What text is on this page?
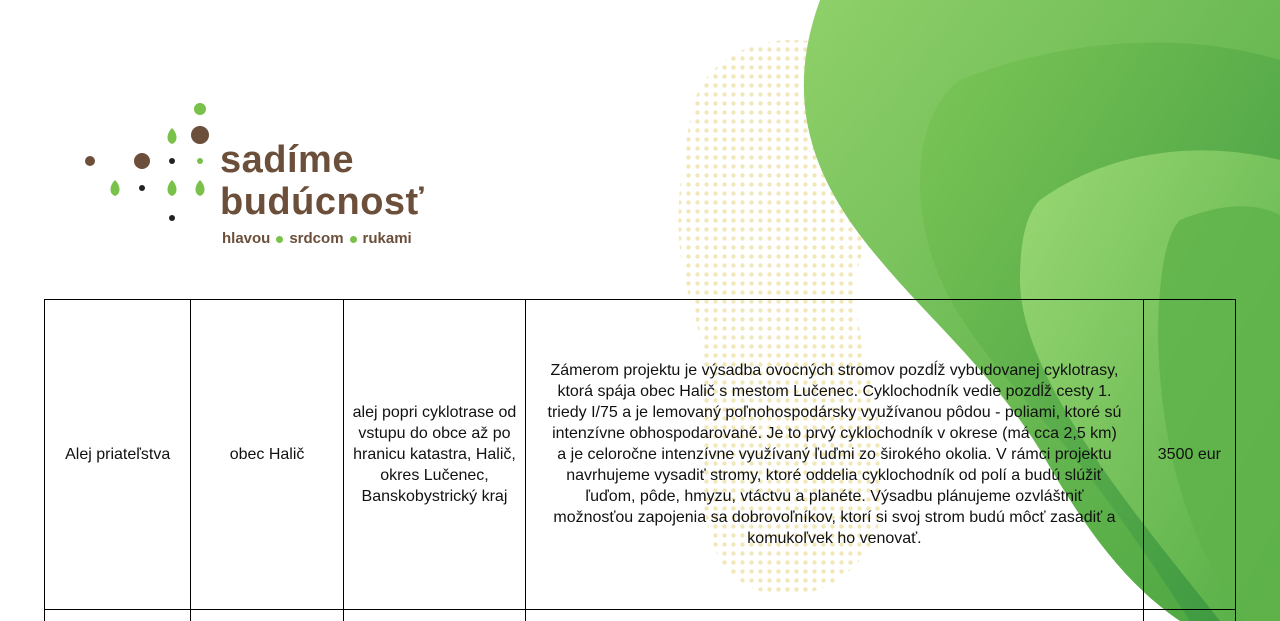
sadíme
budúcnosť
hlavou srdcom rukami
Alej priateľstva	obec Halič	alej popri cyklotrase od vstupu do obce až po hranicu katastra, Halič, okres Lučenec, Banskobystrický kraj	Zámerom projektu je výsadba ovocných stromov pozdĺž vybudovanej cyklotrasy, ktorá spája obec Halič s mestom Lučenec. Cyklochodník vedie pozdĺž cesty 1. triedy I/75 a je lemovaný poľnohospodársky využívanou pôdou - poliami, ktoré sú intenzívne obhospodarované. Je to prvý cyklochodník v okrese (má cca 2,5 km) a je celoročne intenzívne využívaný ľuďmi zo širokého okolia. V rámci projektu navrhujeme vysadiť stromy, ktoré oddelia cyklochodník od polí a budú slúžiť ľuďom, pôde, hmyzu, vtáctvu a planéte. Výsadbu plánujeme ozvláštniť možnosťou zapojenia sa dobrovoľníkov, ktorí si svoj strom budú môcť zasadiť a komukoľvek ho venovať.	3500 eur
